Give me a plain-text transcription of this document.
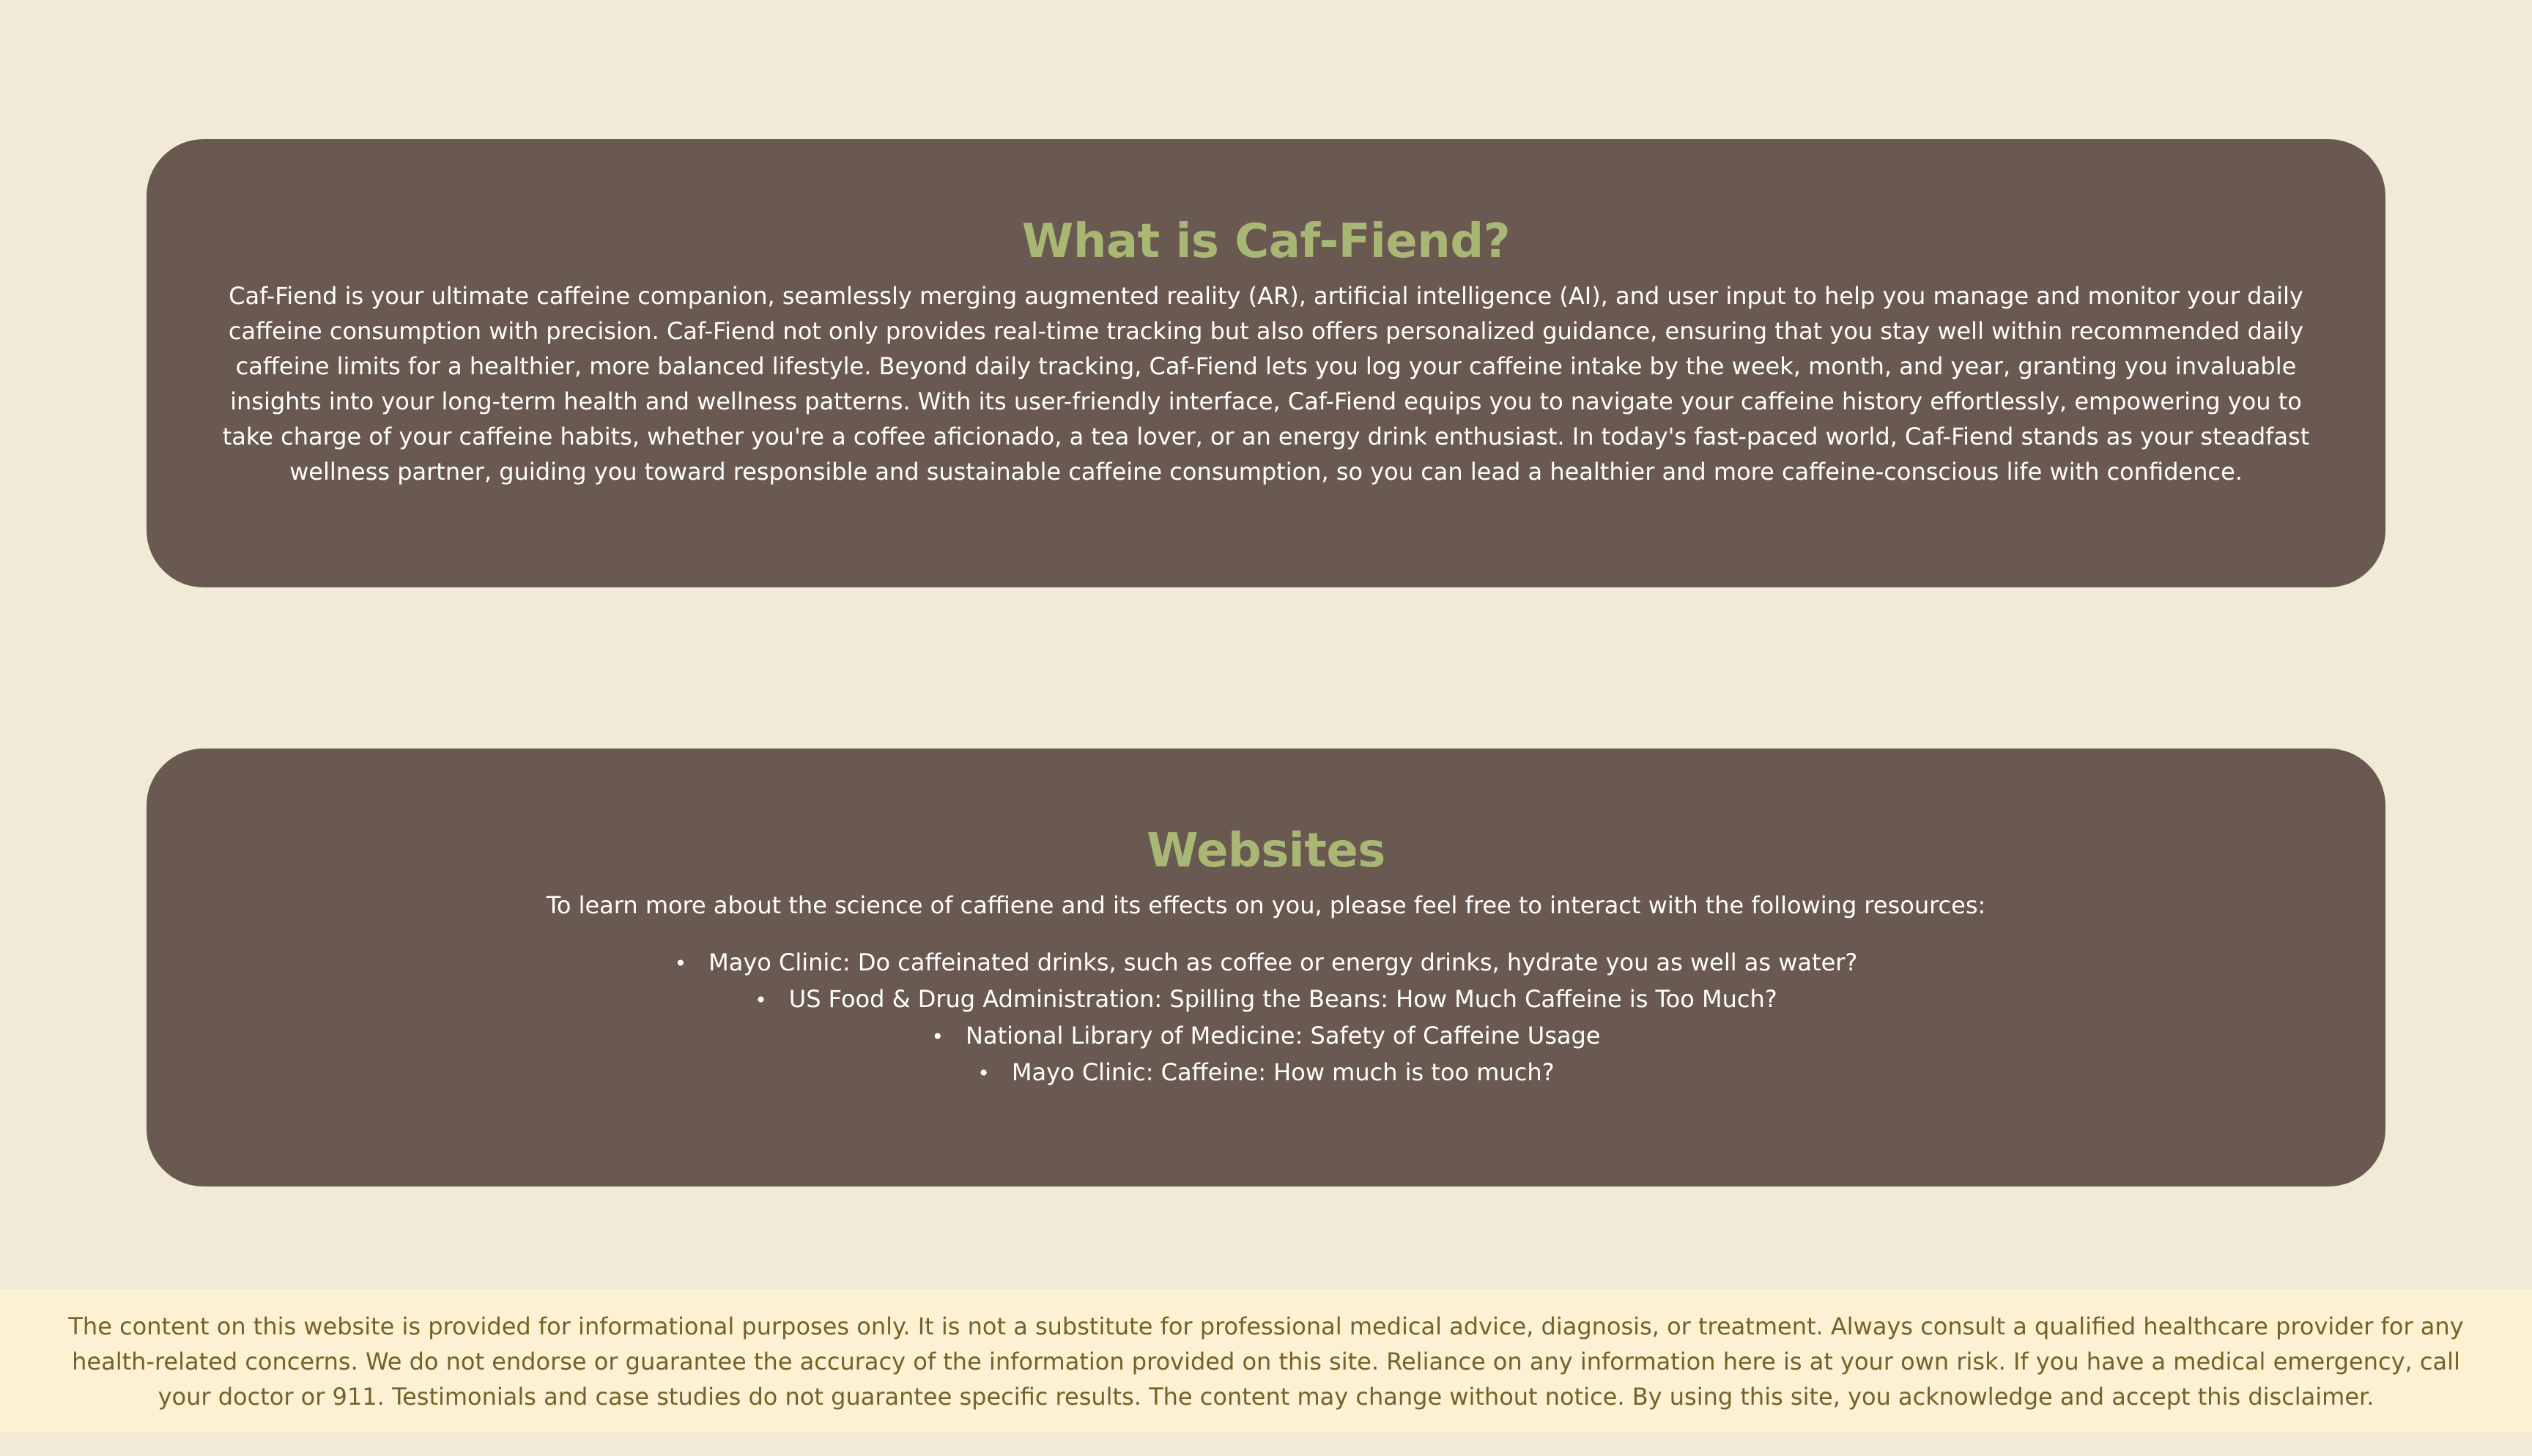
What is Caf-Fiend?

Caf-Fiend is your ultimate caffeine companion, seamlessly merging augmented reality (AR), artificial intelligence (AI), and user input to help you manage and monitor your daily caffeine consumption with precision. Caf-Fiend not only provides real-time tracking but also offers personalized guidance, ensuring that you stay well within recommended daily caffeine limits for a healthier, more balanced lifestyle. Beyond daily tracking, Caf-Fiend lets you log your caffeine intake by the week, month, and year, granting you invaluable insights into your long-term health and wellness patterns. With its user-friendly interface, Caf-Fiend equips you to navigate your caffeine history effortlessly, empowering you to take charge of your caffeine habits, whether you're a coffee aficionado, a tea lover, or an energy drink enthusiast. In today's fast-paced world, Caf-Fiend stands as your steadfast wellness partner, guiding you toward responsible and sustainable caffeine consumption, so you can lead a healthier and more caffeine-conscious life with confidence.

Websites

To learn more about the science of caffiene and its effects on you, please feel free to interact with the following resources:

• Mayo Clinic: Do caffeinated drinks, such as coffee or energy drinks, hydrate you as well as water?
• US Food & Drug Administration: Spilling the Beans: How Much Caffeine is Too Much?
• National Library of Medicine: Safety of Caffeine Usage
• Mayo Clinic: Caffeine: How much is too much?
The content on this website is provided for informational purposes only. It is not a substitute for professional medical advice, diagnosis, or treatment. Always consult a qualified healthcare provider for any health-related concerns. We do not endorse or guarantee the accuracy of the information provided on this site. Reliance on any information here is at your own risk. If you have a medical emergency, call your doctor or 911. Testimonials and case studies do not guarantee specific results. The content may change without notice. By using this site, you acknowledge and accept this disclaimer.
